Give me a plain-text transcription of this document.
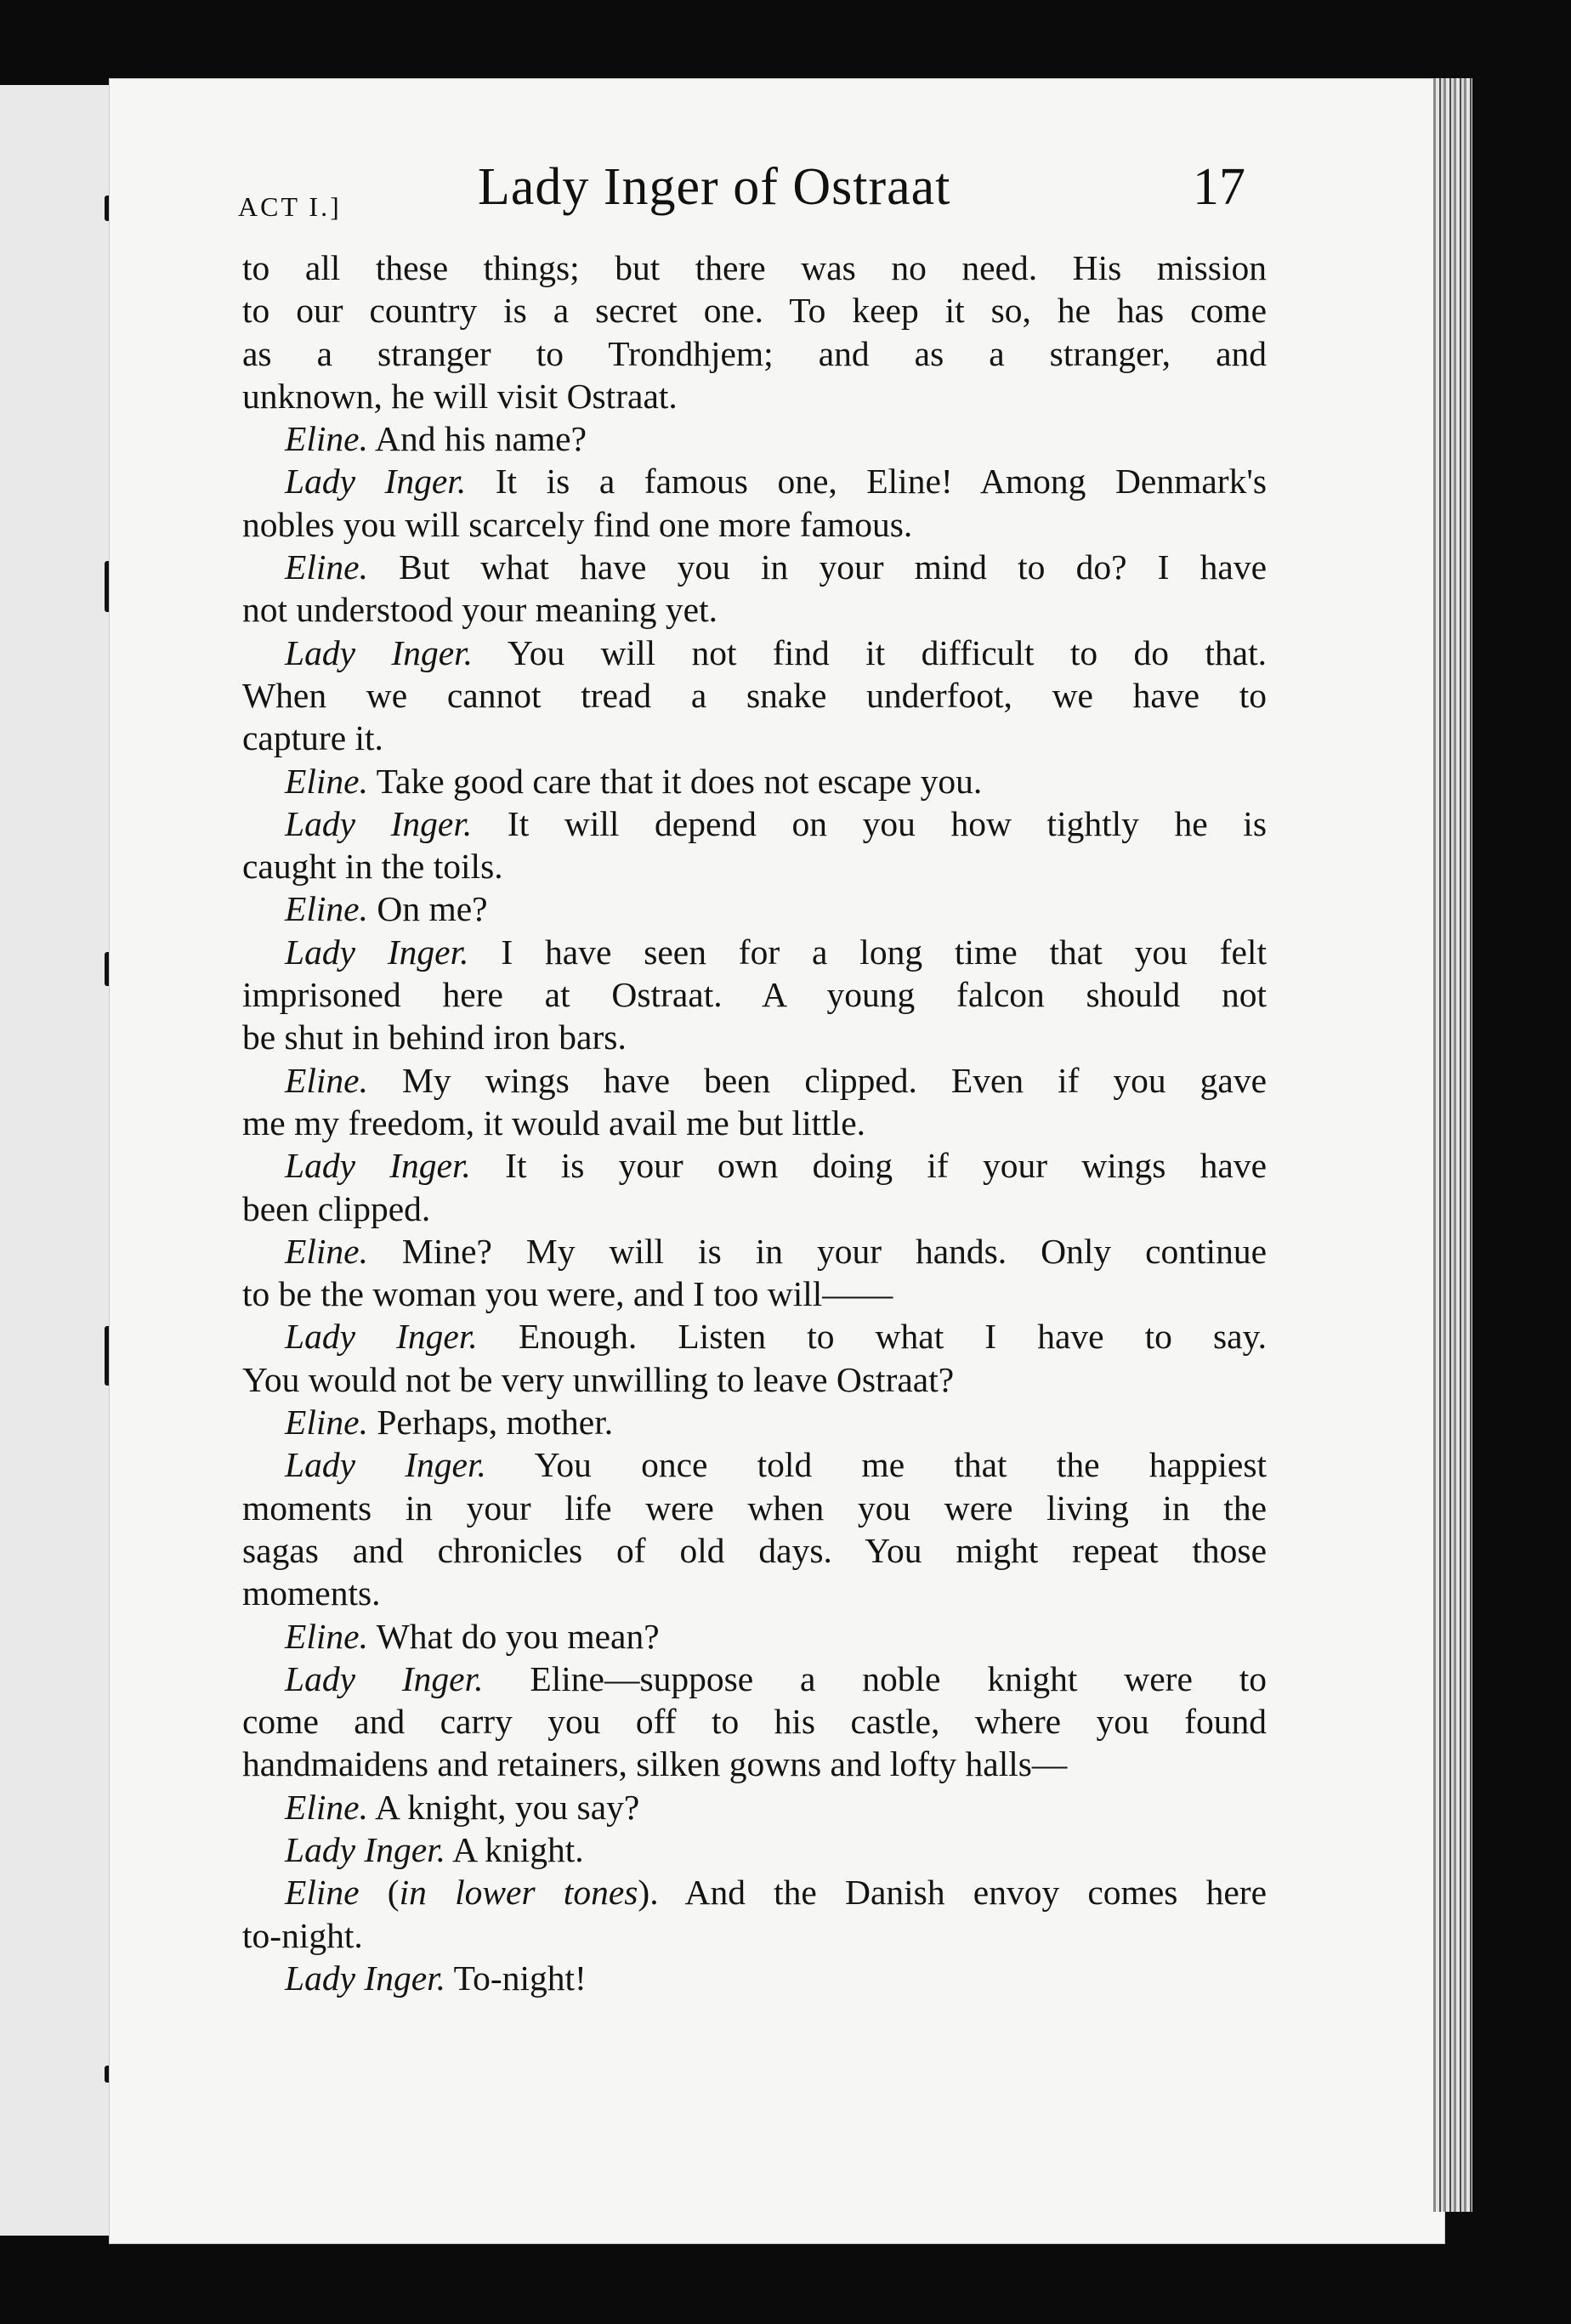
ACT I.]	Lady Inger of Ostraat	17
to all these things; but there was no need. His mission
to our country is a secret one. To keep it so, he has come
as a stranger to Trondhjem; and as a stranger, and
unknown, he will visit Ostraat.
Eline. And his name?
Lady Inger. It is a famous one, Eline! Among Denmark's
nobles you will scarcely find one more famous.
Eline. But what have you in your mind to do? I have
not understood your meaning yet.
Lady Inger. You will not find it difficult to do that.
When we cannot tread a snake underfoot, we have to
capture it.
Eline. Take good care that it does not escape you.
Lady Inger. It will depend on you how tightly he is
caught in the toils.
Eline. On me?
Lady Inger. I have seen for a long time that you felt
imprisoned here at Ostraat. A young falcon should not
be shut in behind iron bars.
Eline. My wings have been clipped. Even if you gave
me my freedom, it would avail me but little.
Lady Inger. It is your own doing if your wings have
been clipped.
Eline. Mine? My will is in your hands. Only continue
to be the woman you were, and I too will——
Lady Inger. Enough. Listen to what I have to say.
You would not be very unwilling to leave Ostraat?
Eline. Perhaps, mother.
Lady Inger. You once told me that the happiest
moments in your life were when you were living in the
sagas and chronicles of old days. You might repeat those
moments.
Eline. What do you mean?
Lady Inger. Eline—suppose a noble knight were to
come and carry you off to his castle, where you found
handmaidens and retainers, silken gowns and lofty halls—
Eline. A knight, you say?
Lady Inger. A knight.
Eline (in lower tones). And the Danish envoy comes here
to-night.
Lady Inger. To-night!
